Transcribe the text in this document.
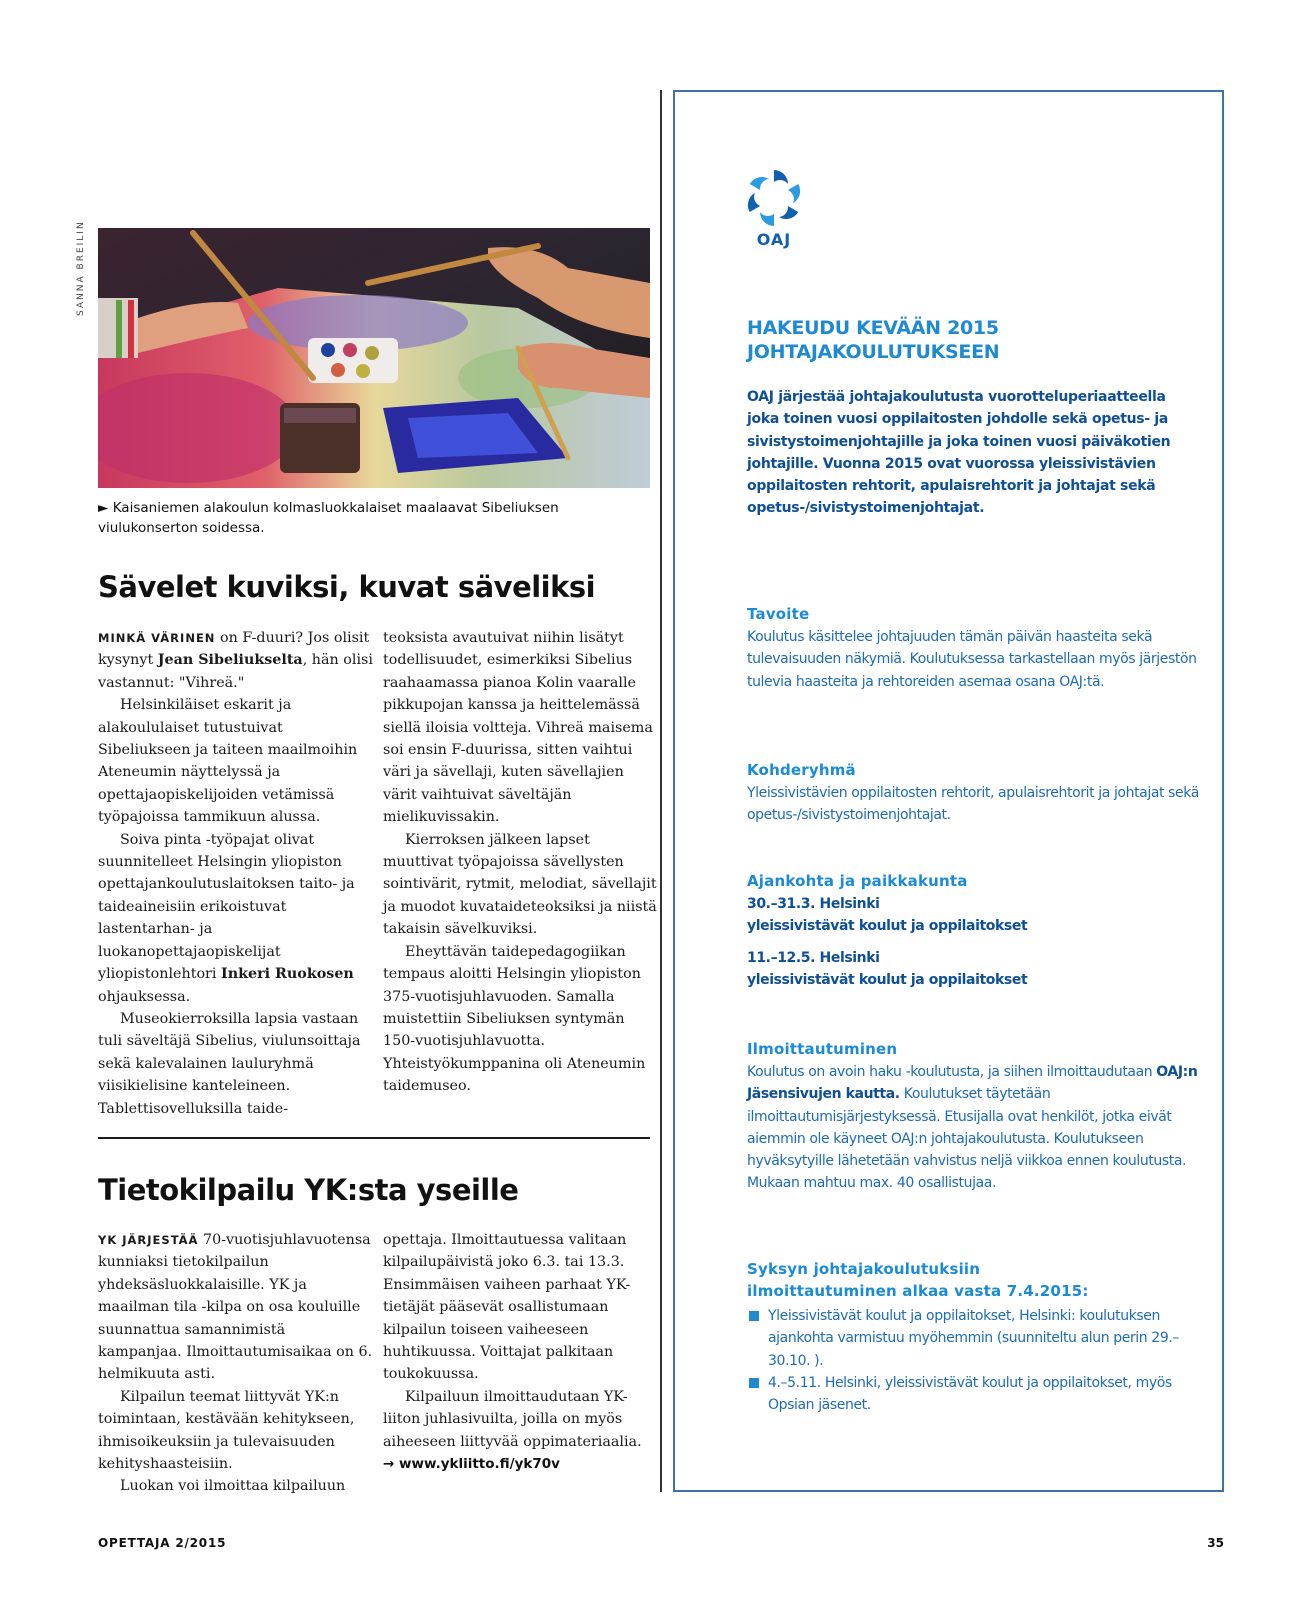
SANNA BREILIN
► Kaisaniemen alakoulun kolmasluokkalaiset maalaavat Sibeliuksen viulukonserton soidessa.
Sävelet kuviksi, kuvat säveliksi

MINKÄ VÄRINEN on F-duuri? Jos olisit kysynyt Jean Sibeliukselta, hän olisi vastannut: "Vihreä."

Helsinkiläiset eskarit ja alakoululaiset tutustuivat Sibeliukseen ja taiteen maailmoihin Ateneumin näyttelyssä ja opettajaopiskelijoiden vetämissä työpajoissa tammikuun alussa.

Soiva pinta -työpajat olivat suunnitelleet Helsingin yliopiston opettajankoulutuslaitoksen taito- ja taideaineisiin erikoistuvat lastentarhan- ja luokanopettajaopiskelijat yliopistonlehtori Inkeri Ruokosen ohjauksessa.

Museokierroksilla lapsia vastaan tuli säveltäjä Sibelius, viulunsoittaja sekä kalevalainen lauluryhmä viisikielisine kanteleineen. Tablettisovelluksilla taide-

teoksista avautuivat niihin lisätyt todellisuudet, esimerkiksi Sibelius raahaamassa pianoa Kolin vaaralle pikkupojan kanssa ja heittelemässä siellä iloisia voltteja. Vihreä maisema soi ensin F-duurissa, sitten vaihtui väri ja sävellaji, kuten sävellajien värit vaihtuivat säveltäjän mielikuvissakin.

Kierroksen jälkeen lapset muuttivat työpajoissa sävellysten sointivärit, rytmit, melodiat, sävellajit ja muodot kuvataideteoksiksi ja niistä takaisin sävelkuviksi.

Eheyttävän taidepedagogiikan tempaus aloitti Helsingin yliopiston 375-vuotisjuhlavuoden. Samalla muistettiin Sibeliuksen syntymän 150-vuotisjuhlavuotta. Yhteistyökumppanina oli Ateneumin taidemuseo.

Tietokilpailu YK:sta yseille

YK JÄRJESTÄÄ 70-vuotisjuhlavuotensa kunniaksi tietokilpailun yhdeksäsluokkalaisille. YK ja maailman tila -kilpa on osa kouluille suunnattua samannimistä kampanjaa. Ilmoittautumisaikaa on 6. helmikuuta asti.

Kilpailun teemat liittyvät YK:n toimintaan, kestävään kehitykseen, ihmisoikeuksiin ja tulevaisuuden kehityshaasteisiin.

Luokan voi ilmoittaa kilpailuun

opettaja. Ilmoittautuessa valitaan kilpailupäivistä joko 6.3. tai 13.3. Ensimmäisen vaiheen parhaat YK-tietäjät pääsevät osallistumaan kilpailun toiseen vaiheeseen huhtikuussa. Voittajat palkitaan toukokuussa.

Kilpailuun ilmoittaudutaan YK-liiton juhlasivuilta, joilla on myös aiheeseen liittyvää oppimateriaalia.

→ www.ykliitto.fi/yk70v

OAJ
HAKEUDU KEVÄÄN 2015
JOHTAJAKOULUTUKSEEN
OAJ järjestää johtajakoulutusta vuorotteluperiaatteella joka toinen vuosi oppilaitosten johdolle sekä opetus- ja sivistystoimenjohtajille ja joka toinen vuosi päiväkotien johtajille. Vuonna 2015 ovat vuorossa yleissivistävien oppilaitosten rehtorit, apulaisrehtorit ja johtajat sekä opetus-/sivistystoimenjohtajat.
Tavoite
Koulutus käsittelee johtajuuden tämän päivän haasteita sekä tulevaisuuden näkymiä. Koulutuksessa tarkastellaan myös järjestön tulevia haasteita ja rehtoreiden asemaa osana OAJ:tä.
Kohderyhmä
Yleissivistävien oppilaitosten rehtorit, apulaisrehtorit ja johtajat sekä opetus-/sivistystoimenjohtajat.
Ajankohta ja paikkakunta
30.–31.3. Helsinki
yleissivistävät koulut ja oppilaitokset
11.–12.5. Helsinki
yleissivistävät koulut ja oppilaitokset
Ilmoittautuminen
Koulutus on avoin haku -koulutusta, ja siihen ilmoittaudutaan OAJ:n Jäsensivujen kautta. Koulutukset täytetään ilmoittautumisjärjestyksessä. Etusijalla ovat henkilöt, jotka eivät aiemmin ole käyneet OAJ:n johtajakoulutusta. Koulutukseen hyväksytyille lähetetään vahvistus neljä viikkoa ennen koulutusta. Mukaan mahtuu max. 40 osallistujaa.
Syksyn johtajakoulutuksiin
ilmoittautuminen alkaa vasta 7.4.2015:
Yleissivistävät koulut ja oppilaitokset, Helsinki: koulutuksen ajankohta varmistuu myöhemmin (suunniteltu alun perin 29.–30.10. ).
4.–5.11. Helsinki, yleissivistävät koulut ja oppilaitokset, myös Opsian jäsenet.
OPETTAJA 2/2015	35
